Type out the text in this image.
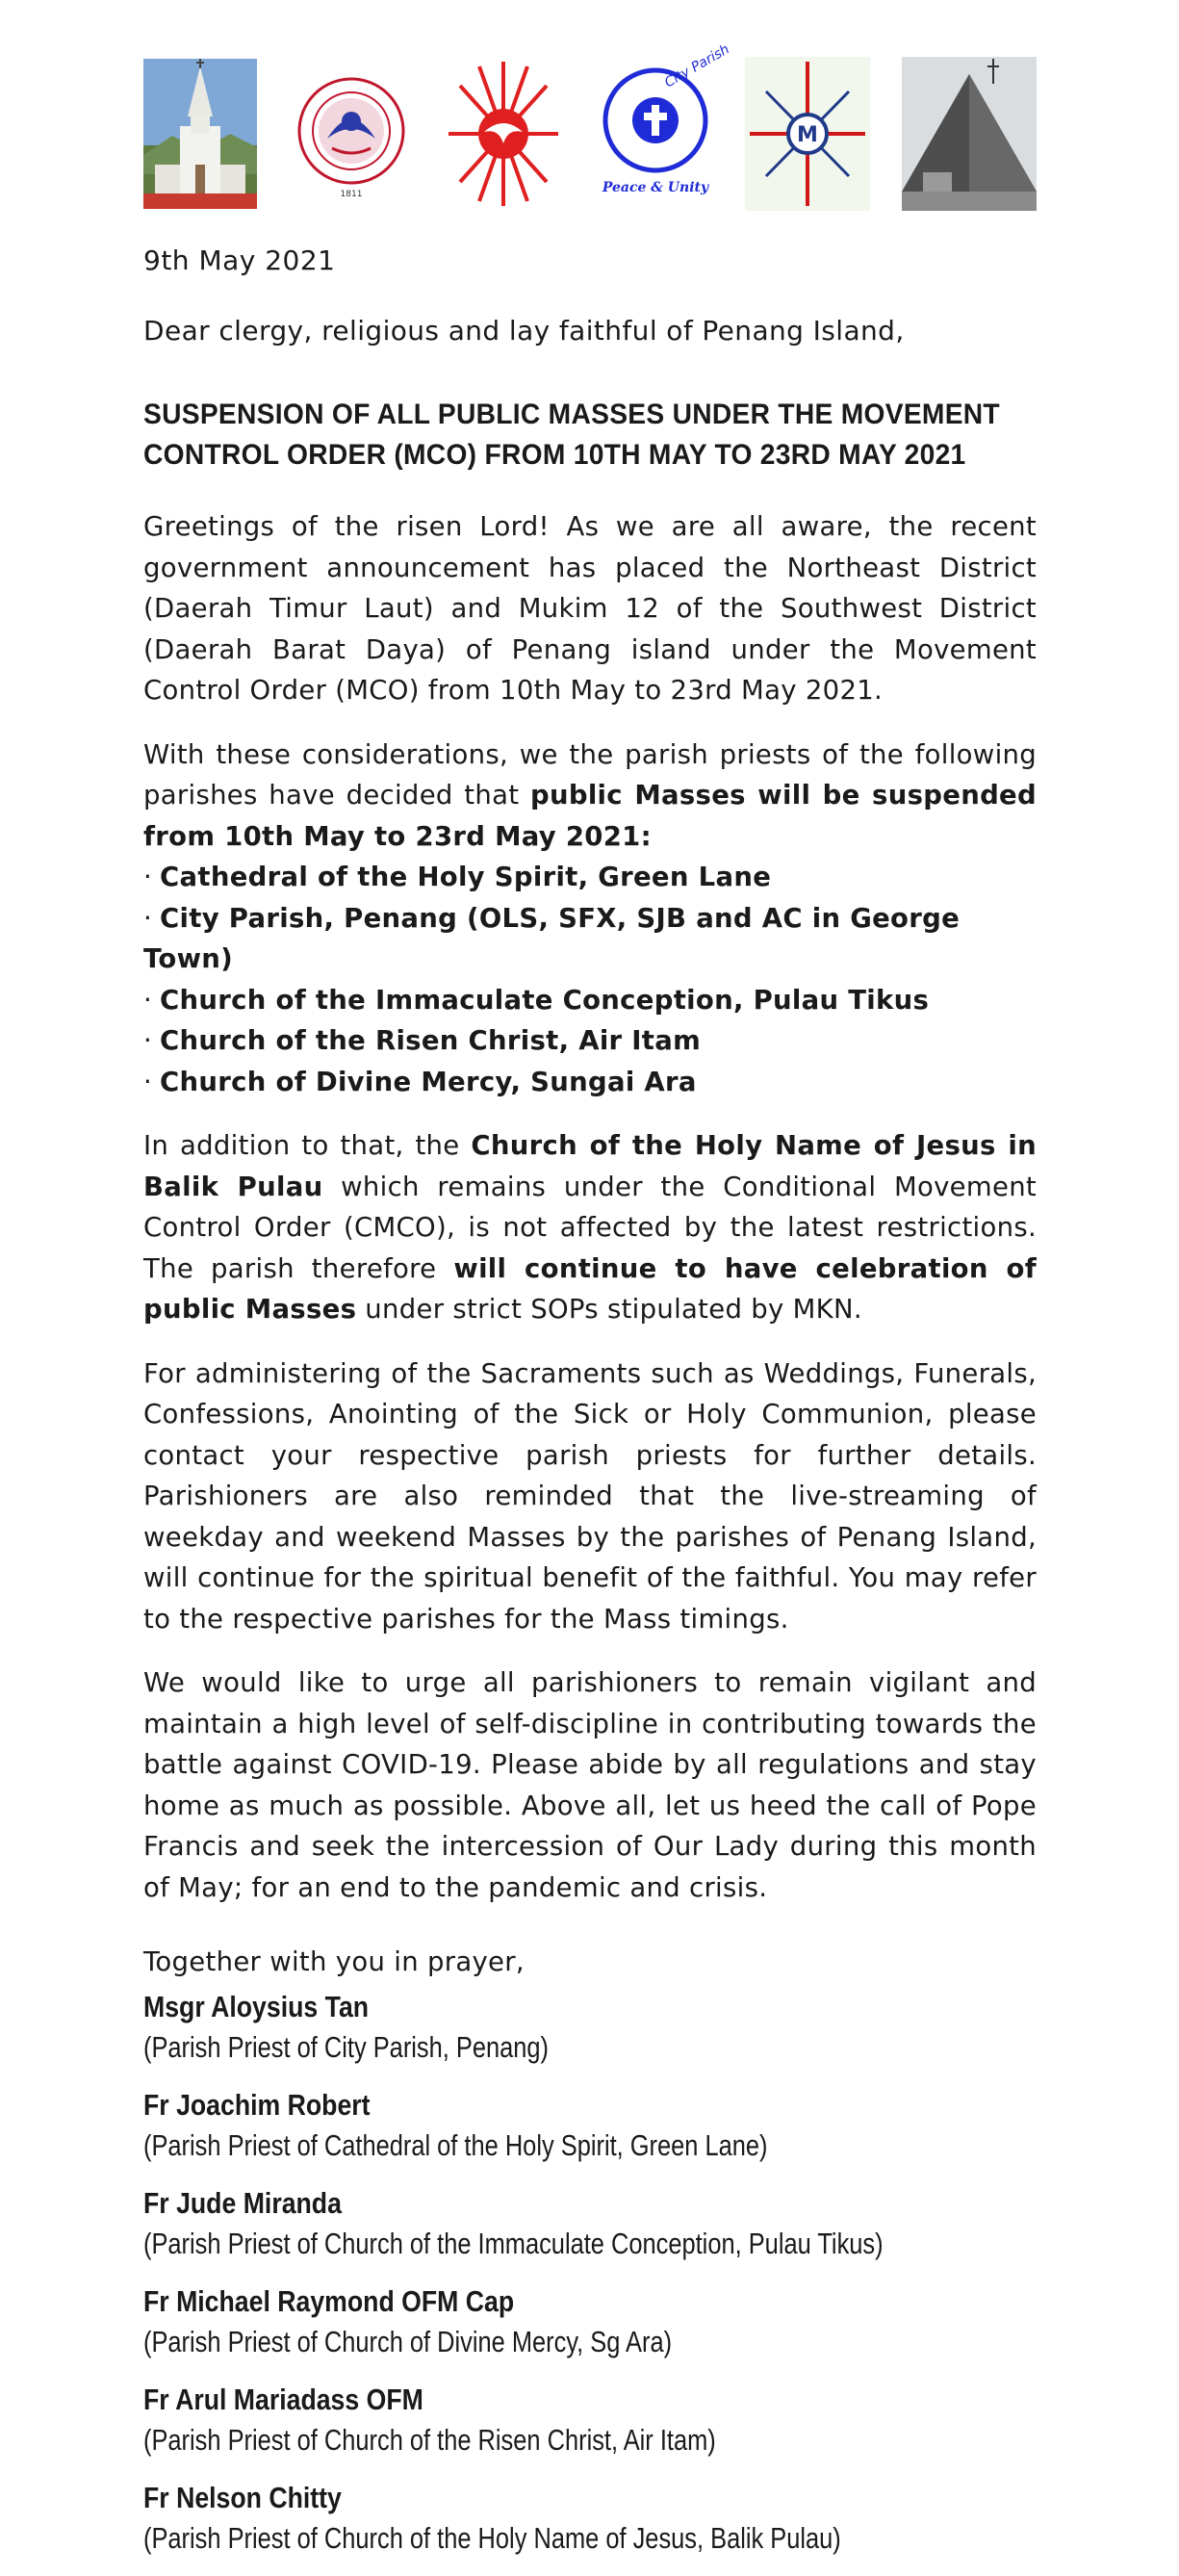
1811
City Parish
Peace & Unity
M

9th May 2021

Dear clergy, religious and lay faithful of Penang Island,

SUSPENSION OF ALL PUBLIC MASSES UNDER THE MOVEMENT CONTROL ORDER (MCO) FROM 10TH MAY TO 23RD MAY 2021

Greetings of the risen Lord! As we are all aware, the recent government announcement has placed the Northeast District (Daerah Timur Laut) and Mukim 12 of the Southwest District (Daerah Barat Daya) of Penang island under the Movement Control Order (MCO) from 10th May to 23rd May 2021.

With these considerations, we the parish priests of the following parishes have decided that public Masses will be suspended from 10th May to 23rd May 2021:

· Cathedral of the Holy Spirit, Green Lane
· City Parish, Penang (OLS, SFX, SJB and AC in George Town)
· Church of the Immaculate Conception, Pulau Tikus
· Church of the Risen Christ, Air Itam
· Church of Divine Mercy, Sungai Ara

In addition to that, the Church of the Holy Name of Jesus in Balik Pulau which remains under the Conditional Movement Control Order (CMCO), is not affected by the latest restrictions. The parish therefore will continue to have celebration of public Masses under strict SOPs stipulated by MKN.

For administering of the Sacraments such as Weddings, Funerals, Confessions, Anointing of the Sick or Holy Communion, please contact your respective parish priests for further details. Parishioners are also reminded that the live-streaming of weekday and weekend Masses by the parishes of Penang Island, will continue for the spiritual benefit of the faithful. You may refer to the respective parishes for the Mass timings.

We would like to urge all parishioners to remain vigilant and maintain a high level of self-discipline in contributing towards the battle against COVID-19. Please abide by all regulations and stay home as much as possible. Above all, let us heed the call of Pope Francis and seek the intercession of Our Lady during this month of May; for an end to the pandemic and crisis.

Together with you in prayer,

Msgr Aloysius Tan
(Parish Priest of City Parish, Penang)
Fr Joachim Robert
(Parish Priest of Cathedral of the Holy Spirit, Green Lane)
Fr Jude Miranda
(Parish Priest of Church of the Immaculate Conception, Pulau Tikus)
Fr Michael Raymond OFM Cap
(Parish Priest of Church of Divine Mercy, Sg Ara)
Fr Arul Mariadass OFM
(Parish Priest of Church of the Risen Christ, Air Itam)
Fr Nelson Chitty
(Parish Priest of Church of the Holy Name of Jesus, Balik Pulau)
